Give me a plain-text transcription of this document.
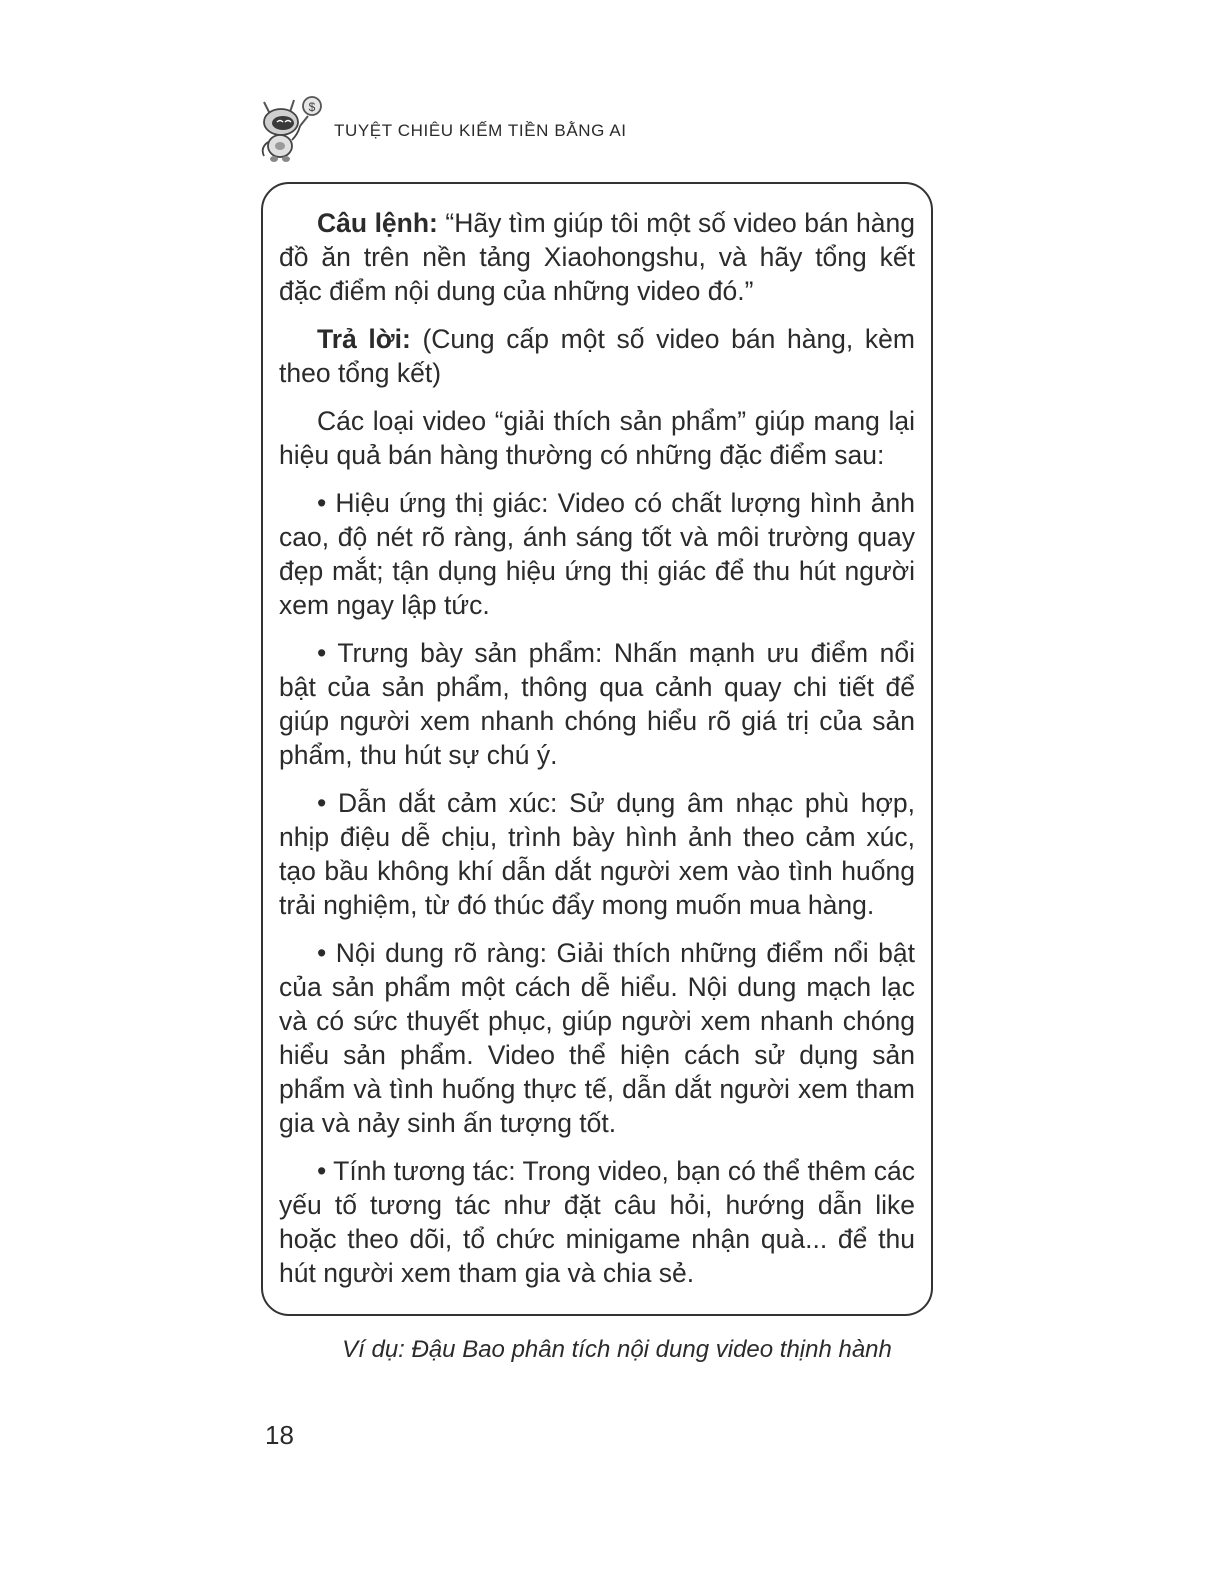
$
TUYỆT CHIÊU KIẾM TIỀN BẰNG AI

Câu lệnh: “Hãy tìm giúp tôi một số video bán hàng đồ ăn trên nền tảng Xiaohongshu, và hãy tổng kết đặc điểm nội dung của những video đó.”

Trả lời: (Cung cấp một số video bán hàng, kèm theo tổng kết)

Các loại video “giải thích sản phẩm” giúp mang lại hiệu quả bán hàng thường có những đặc điểm sau:

• Hiệu ứng thị giác: Video có chất lượng hình ảnh cao, độ nét rõ ràng, ánh sáng tốt và môi trường quay đẹp mắt; tận dụng hiệu ứng thị giác để thu hút người xem ngay lập tức.

• Trưng bày sản phẩm: Nhấn mạnh ưu điểm nổi bật của sản phẩm, thông qua cảnh quay chi tiết để giúp người xem nhanh chóng hiểu rõ giá trị của sản phẩm, thu hút sự chú ý.

• Dẫn dắt cảm xúc: Sử dụng âm nhạc phù hợp, nhịp điệu dễ chịu, trình bày hình ảnh theo cảm xúc, tạo bầu không khí dẫn dắt người xem vào tình huống trải nghiệm, từ đó thúc đẩy mong muốn mua hàng.

• Nội dung rõ ràng: Giải thích những điểm nổi bật của sản phẩm một cách dễ hiểu. Nội dung mạch lạc và có sức thuyết phục, giúp người xem nhanh chóng hiểu sản phẩm. Video thể hiện cách sử dụng sản phẩm và tình huống thực tế, dẫn dắt người xem tham gia và nảy sinh ấn tượng tốt.

• Tính tương tác: Trong video, bạn có thể thêm các yếu tố tương tác như đặt câu hỏi, hướng dẫn like hoặc theo dõi, tổ chức minigame nhận quà... để thu hút người xem tham gia và chia sẻ.

Ví dụ: Đậu Bao phân tích nội dung video thịnh hành
18
